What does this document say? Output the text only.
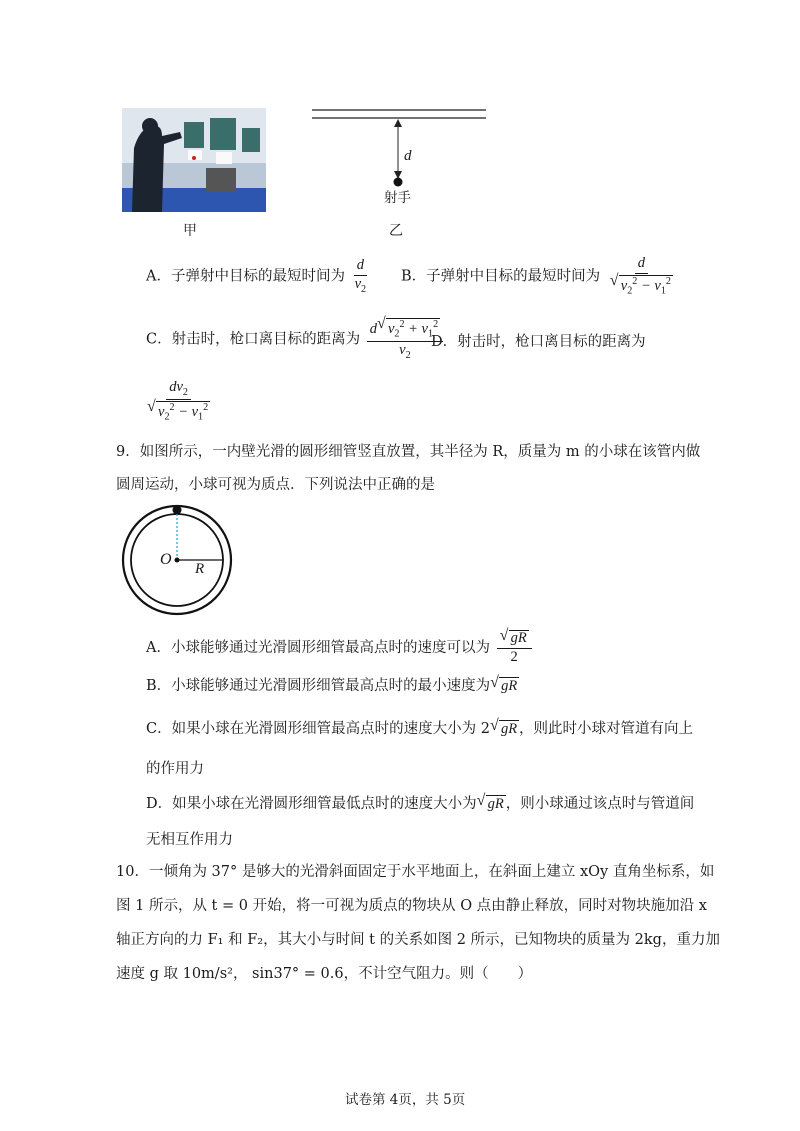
甲
d
射手
乙
A．子弹射中目标的最短时间为 $\frac{d}{v_2}$ B．子弹射中目标的最短时间为 $\frac{d}{√ v_2^2 - v_1^2}$
C．射击时，枪口离目标的距离为 $\frac{d √ v_2^2 + v_1^2}{v_2}$
D．射击时，枪口离目标的距离为
$\frac{dv_2}{√ v_2^2 - v_1^2}$
9．如图所示，一内壁光滑的圆形细管竖直放置，其半径为 R，质量为 m 的小球在该管内做
圆周运动，小球可视为质点．下列说法中正确的是
O
R
A．小球能够通过光滑圆形细管最高点时的速度可以为 $\frac{√ gR}{2}$
B．小球能够通过光滑圆形细管最高点时的最小速度为 √ gR
C．如果小球在光滑圆形细管最高点时的速度大小为 2 √ gR ，则此时小球对管道有向上
的作用力
D．如果小球在光滑圆形细管最低点时的速度大小为 √ gR ，则小球通过该点时与管道间
无相互作用力
10．一倾角为 37° 是够大的光滑斜面固定于水平地面上，在斜面上建立 xOy 直角坐标系，如
图 1 所示，从 t = 0 开始，将一可视为质点的物块从 O 点由静止释放，同时对物块施加沿 x
轴正方向的力 F₁ 和 F₂，其大小与时间 t 的关系如图 2 所示，已知物块的质量为 2kg，重力加
速度 g 取 10m/s²， sin37° = 0.6，不计空气阻力。则（　　）
试卷第 4页，共 5页
